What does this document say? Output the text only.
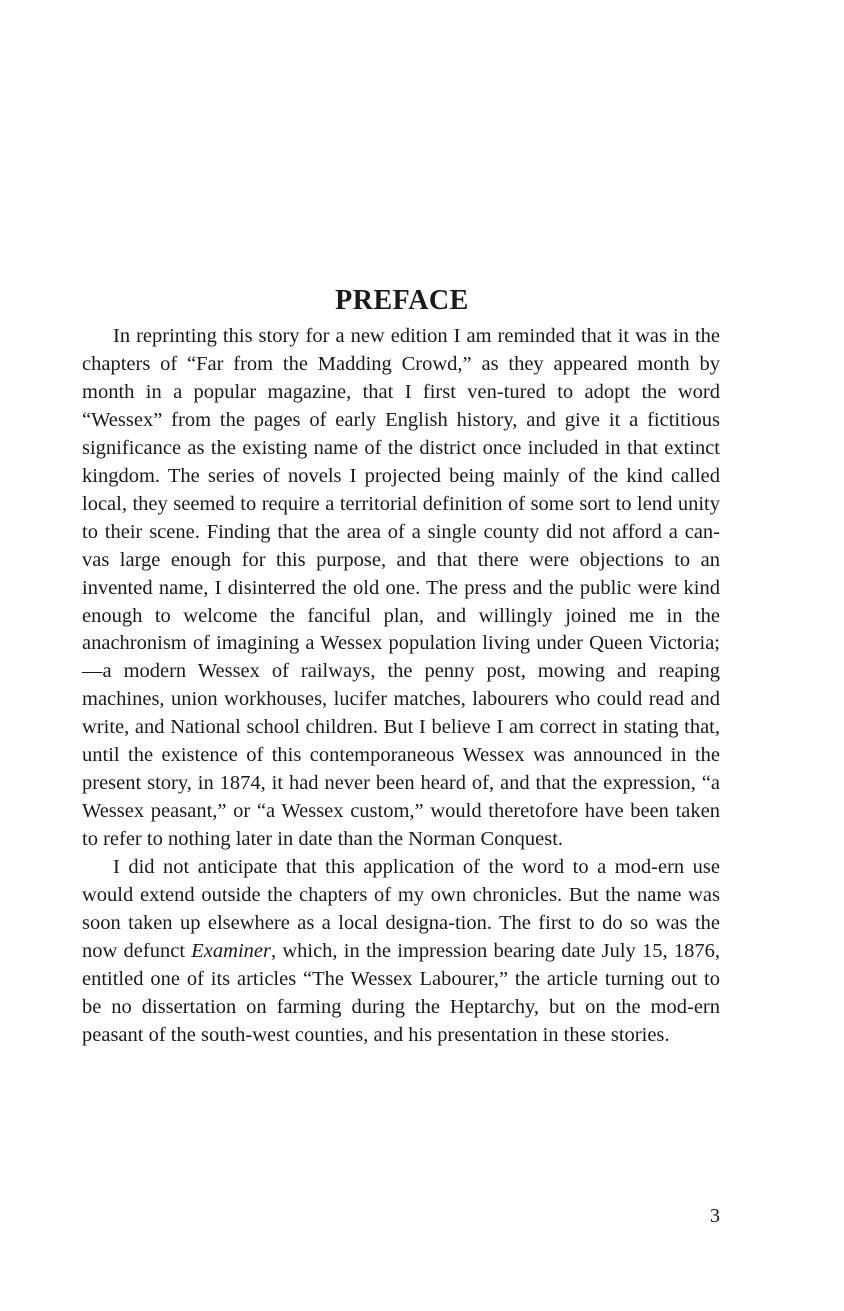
PREFACE

In reprinting this story for a new edition I am reminded that it was in the chapters of “Far from the Madding Crowd,” as they appeared month by month in a popular magazine, that I first ven-tured to adopt the word “Wessex” from the pages of early English history, and give it a fictitious significance as the existing name of the district once included in that extinct kingdom. The series of novels I projected being mainly of the kind called local, they seemed to require a territorial definition of some sort to lend unity to their scene. Finding that the area of a single county did not afford a can-vas large enough for this purpose, and that there were objections to an invented name, I disinterred the old one. The press and the public were kind enough to welcome the fanciful plan, and willingly joined me in the anachronism of imagining a Wessex population living under Queen Victoria;—a modern Wessex of railways, the penny post, mowing and reaping machines, union workhouses, lucifer matches, labourers who could read and write, and National school children. But I believe I am correct in stating that, until the existence of this contemporaneous Wessex was announced in the present story, in 1874, it had never been heard of, and that the expression, “a Wessex peasant,” or “a Wessex custom,” would theretofore have been taken to refer to nothing later in date than the Norman Conquest.

I did not anticipate that this application of the word to a mod-ern use would extend outside the chapters of my own chronicles. But the name was soon taken up elsewhere as a local designa-tion. The first to do so was the now defunct Examiner, which, in the impression bearing date July 15, 1876, entitled one of its articles “The Wessex Labourer,” the article turning out to be no dissertation on farming during the Heptarchy, but on the mod-ern peasant of the south-west counties, and his presentation in these stories.

3
